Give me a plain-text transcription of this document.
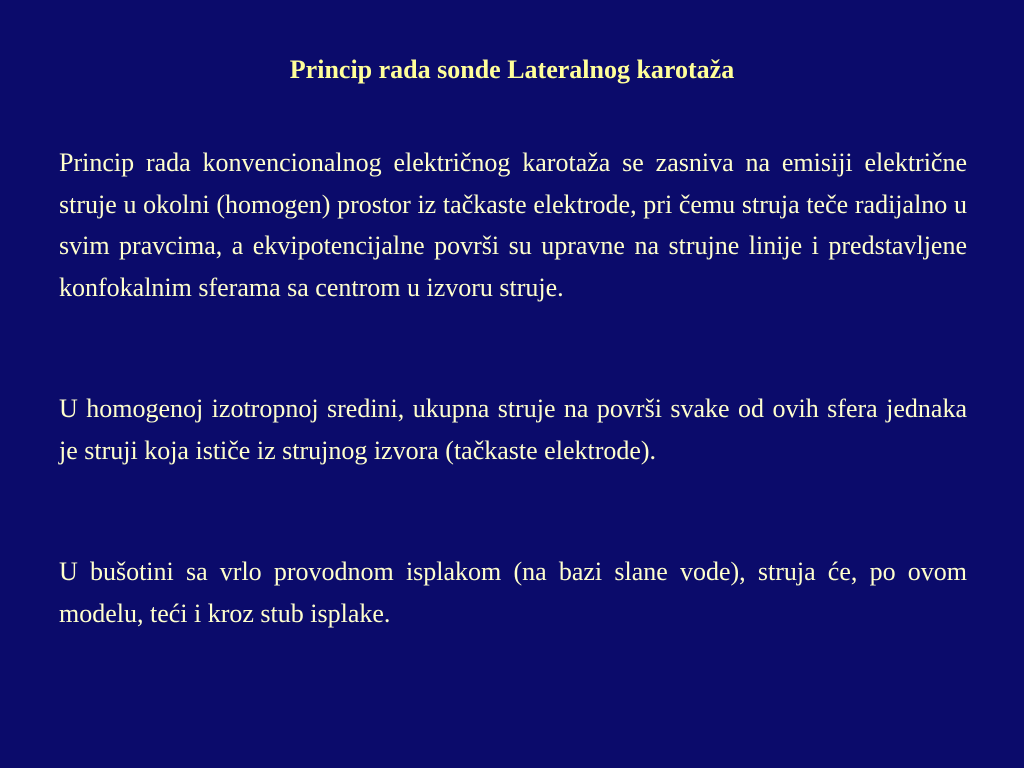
Princip rada sonde Lateralnog karotaža

Princip rada konvencionalnog električnog karotaža se zasniva na emisiji električne struje u okolni (homogen) prostor iz tačkaste elektrode, pri čemu struja teče radijalno u svim pravcima, a ekvipotencijalne površi su upravne na strujne linije i predstavljene konfokalnim sferama sa centrom u izvoru struje.

U homogenoj izotropnoj sredini, ukupna struje na površi svake od ovih sfera jednaka je struji koja ističe iz strujnog izvora (tačkaste elektrode).

U bušotini sa vrlo provodnom isplakom (na bazi slane vode), struja će, po ovom modelu, teći i kroz stub isplake.
